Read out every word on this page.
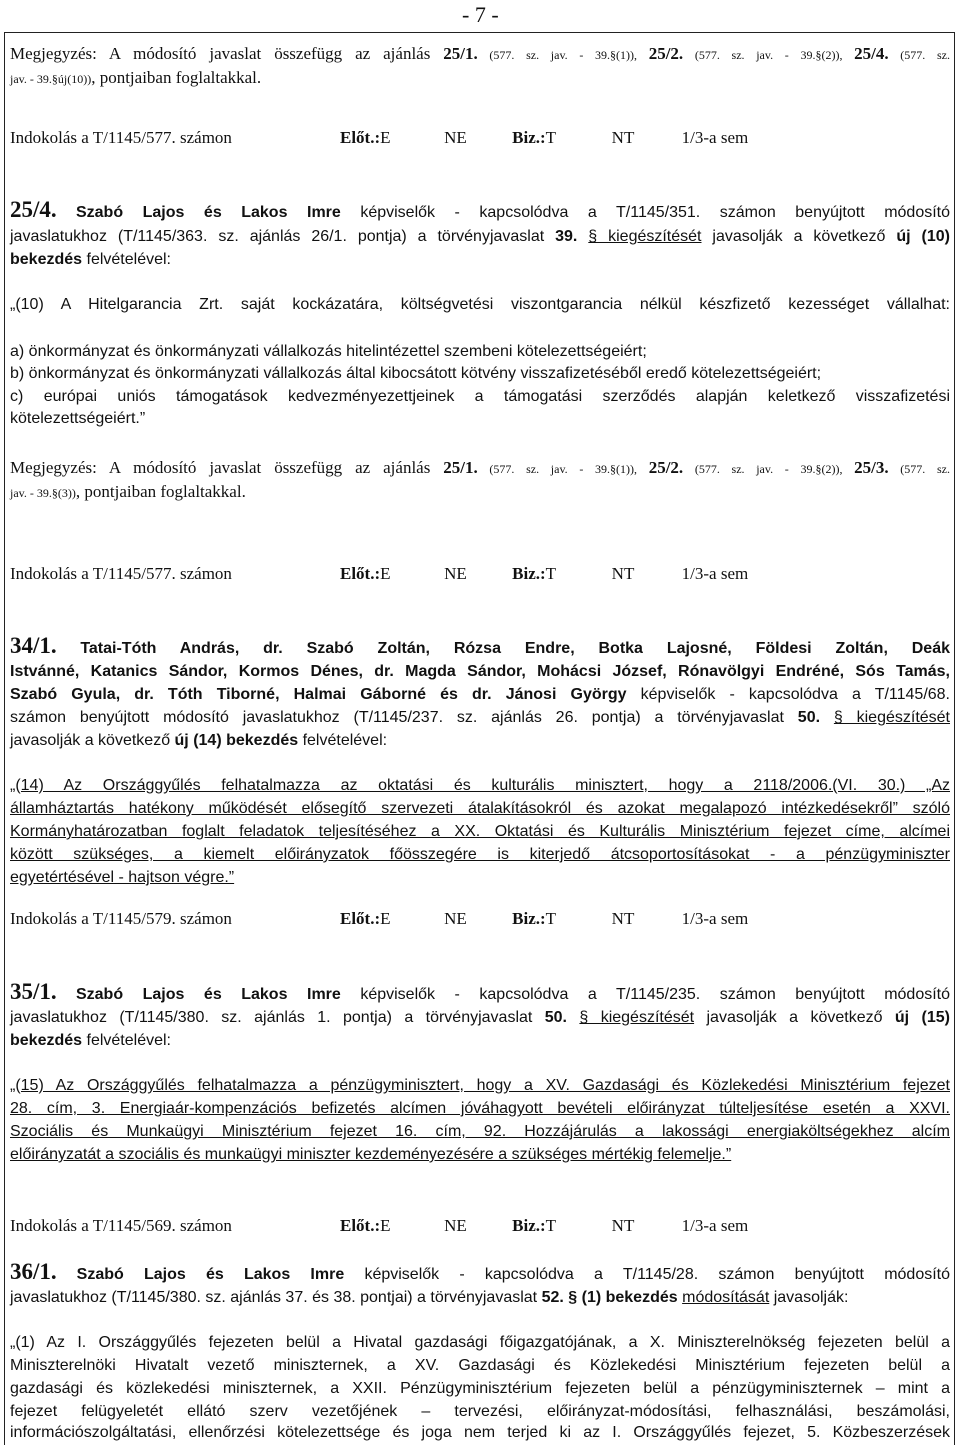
- 7 -
Megjegyzés: A módosító javaslat összefügg az ajánlás 25/1. (577. sz. jav. - 39.§(1)), 25/2. (577. sz. jav. - 39.§(2)), 25/4. (577. sz.
jav. - 39.§új(10)), pontjaiban foglaltakkal.
Indokolás a T/1145/577. számon	Előt.:E	NE	Biz.:T	NT	1/3-a sem
25/4. Szabó Lajos és Lakos Imre képviselők - kapcsolódva a T/1145/351. számon benyújtott módosító
javaslatukhoz (T/1145/363. sz. ajánlás 26/1. pontja) a törvényjavaslat 39. § kiegészítését javasolják a következő új (10)
bekezdés felvételével:
„(10) A Hitelgarancia Zrt. saját kockázatára, költségvetési viszontgarancia nélkül készfizető kezességet vállalhat:
a) önkormányzat és önkormányzati vállalkozás hitelintézettel szembeni kötelezettségeiért;
b) önkormányzat és önkormányzati vállalkozás által kibocsátott kötvény visszafizetéséből eredő kötelezettségeiért;
c) európai uniós támogatások kedvezményezettjeinek a támogatási szerződés alapján keletkező visszafizetési
kötelezettségeiért.”
Megjegyzés: A módosító javaslat összefügg az ajánlás 25/1. (577. sz. jav. - 39.§(1)), 25/2. (577. sz. jav. - 39.§(2)), 25/3. (577. sz.
jav. - 39.§(3)), pontjaiban foglaltakkal.
Indokolás a T/1145/577. számon	Előt.:E	NE	Biz.:T	NT	1/3-a sem
34/1. Tatai-Tóth András, dr. Szabó Zoltán, Rózsa Endre, Botka Lajosné, Földesi Zoltán, Deák
Istvánné, Katanics Sándor, Kormos Dénes, dr. Magda Sándor, Mohácsi József, Rónavölgyi Endréné, Sós Tamás,
Szabó Gyula, dr. Tóth Tiborné, Halmai Gáborné és dr. Jánosi György képviselők - kapcsolódva a T/1145/68.
számon benyújtott módosító javaslatukhoz (T/1145/237. sz. ajánlás 26. pontja) a törvényjavaslat 50. § kiegészítését
javasolják a következő új (14) bekezdés felvételével:
„(14) Az Országgyűlés felhatalmazza az oktatási és kulturális minisztert, hogy a 2118/2006.(VI. 30.) „Az
államháztartás hatékony működését elősegítő szervezeti átalakításokról és azokat megalapozó intézkedésekről” szóló
Kormányhatározatban foglalt feladatok teljesítéséhez a XX. Oktatási és Kulturális Minisztérium fejezet címe, alcímei
között szükséges, a kiemelt előirányzatok főösszegére is kiterjedő átcsoportosításokat - a pénzügyminiszter
egyetértésével - hajtson végre.”
Indokolás a T/1145/579. számon	Előt.:E	NE	Biz.:T	NT	1/3-a sem
35/1. Szabó Lajos és Lakos Imre képviselők - kapcsolódva a T/1145/235. számon benyújtott módosító
javaslatukhoz (T/1145/380. sz. ajánlás 1. pontja) a törvényjavaslat 50. § kiegészítését javasolják a következő új (15)
bekezdés felvételével:
„(15) Az Országgyűlés felhatalmazza a pénzügyminisztert, hogy a XV. Gazdasági és Közlekedési Minisztérium fejezet
28. cím, 3. Energiaár-kompenzációs befizetés alcímen jóváhagyott bevételi előirányzat túlteljesítése esetén a XXVI.
Szociális és Munkaügyi Minisztérium fejezet 16. cím, 92. Hozzájárulás a lakossági energiaköltségekhez alcím
előirányzatát a szociális és munkaügyi miniszter kezdeményezésére a szükséges mértékig felemelje.”
Indokolás a T/1145/569. számon	Előt.:E	NE	Biz.:T	NT	1/3-a sem
36/1. Szabó Lajos és Lakos Imre képviselők - kapcsolódva a T/1145/28. számon benyújtott módosító
javaslatukhoz (T/1145/380. sz. ajánlás 37. és 38. pontjai) a törvényjavaslat 52. § (1) bekezdés módosítását javasolják:
„(1) Az I. Országgyűlés fejezeten belül a Hivatal gazdasági főigazgatójának, a X. Miniszterelnökség fejezeten belül a
Miniszterelnöki Hivatalt vezető miniszternek, a XV. Gazdasági és Közlekedési Minisztérium fejezeten belül a
gazdasági és közlekedési miniszternek, a XXII. Pénzügyminisztérium fejezeten belül a pénzügyminiszternek – mint a
fejezet felügyeletét ellátó szerv vezetőjének – tervezési, előirányzat-módosítási, felhasználási, beszámolási,
információszolgáltatási, ellenőrzési kötelezettsége és joga nem terjed ki az I. Országgyűlés fejezet, 5. Közbeszerzések
